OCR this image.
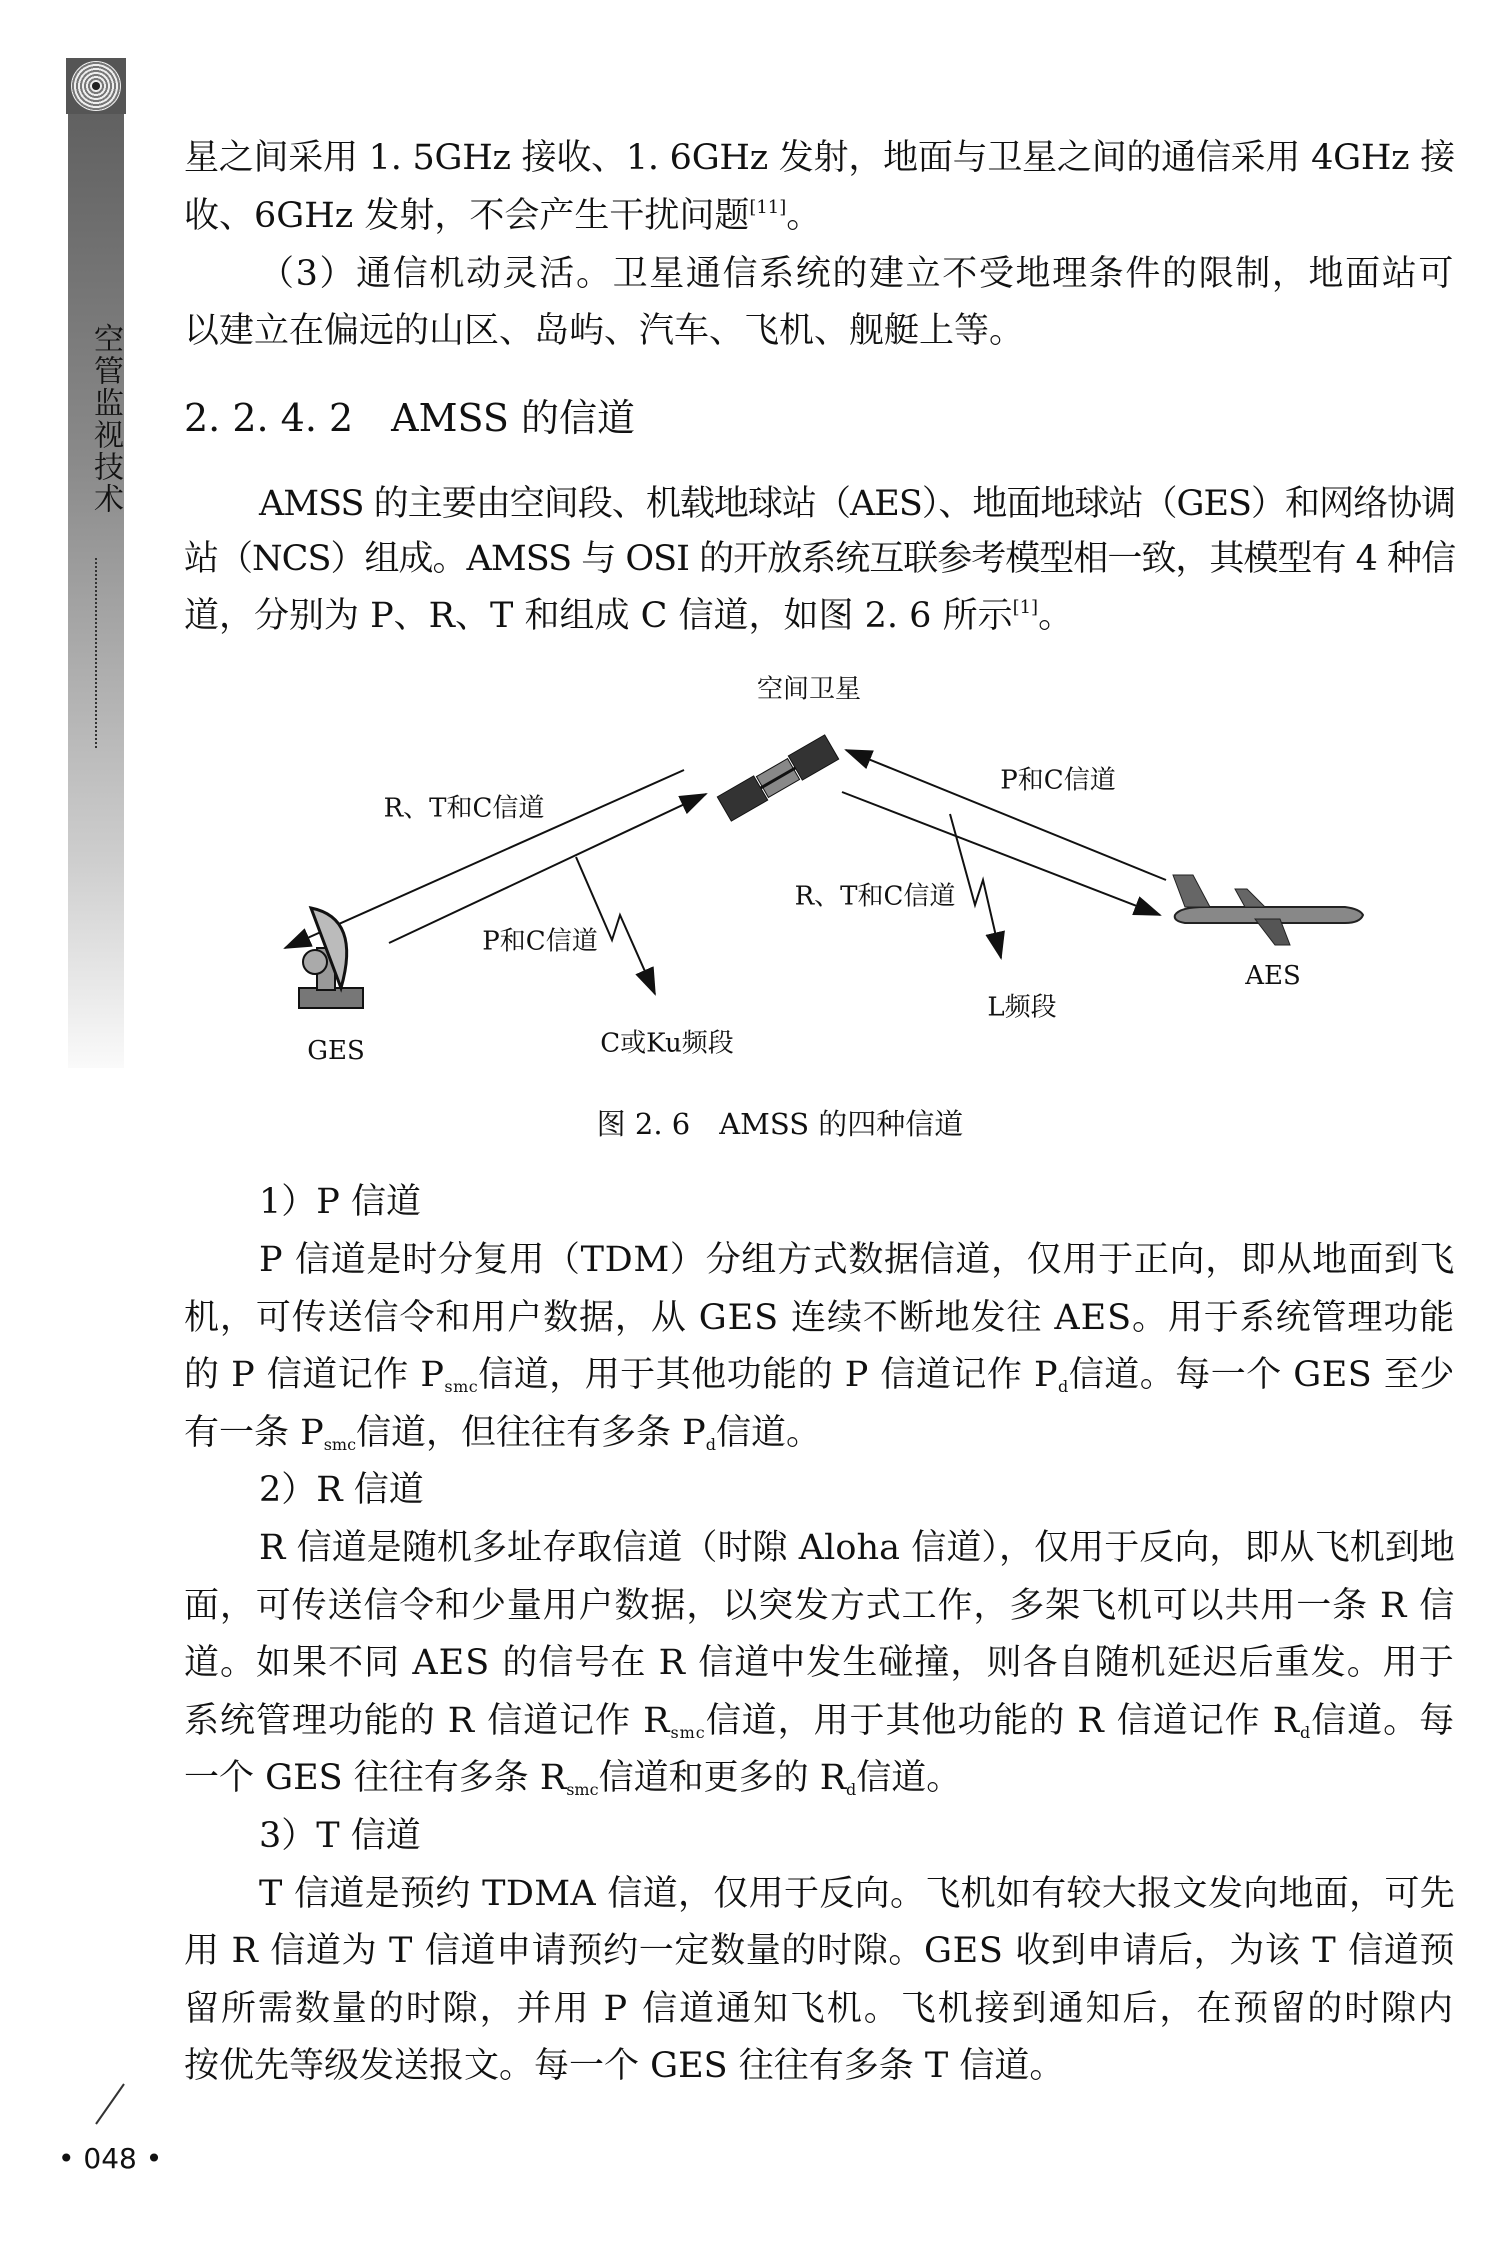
空管监视技术
星之间采用 1. 5GHz 接收、1. 6GHz 发射，地面与卫星之间的通信采用 4GHz 接
收、6GHz 发射，不会产生干扰问题[11]。
（3）通信机动灵活。卫星通信系统的建立不受地理条件的限制，地面站可
以建立在偏远的山区、岛屿、汽车、飞机、舰艇上等。
2. 2. 4. 2　AMSS 的信道
AMSS 的主要由空间段、机载地球站（AES）、地面地球站（GES）和网络协调
站（NCS）组成。AMSS 与 OSI 的开放系统互联参考模型相一致，其模型有 4 种信
道，分别为 P、R、T 和组成 C 信道，如图 2. 6 所示[1]。
空间卫星
R、T和C信道
P和C信道
R、T和C信道
P和C信道
C或Ku频段
L频段
GES
AES
图 2. 6　AMSS 的四种信道
1）P 信道
P 信道是时分复用（TDM）分组方式数据信道，仅用于正向，即从地面到飞
机，可传送信令和用户数据，从 GES 连续不断地发往 AES。用于系统管理功能
的 P 信道记作 $P_{smc}$信道，用于其他功能的 P 信道记作 $P_d$信道。每一个 GES 至少
有一条 $P_{smc}$信道，但往往有多条 $P_d$信道。
2）R 信道
R 信道是随机多址存取信道（时隙 Aloha 信道），仅用于反向，即从飞机到地
面，可传送信令和少量用户数据，以突发方式工作，多架飞机可以共用一条 R 信
道。如果不同 AES 的信号在 R 信道中发生碰撞，则各自随机延迟后重发。用于
系统管理功能的 R 信道记作 $R_{smc}$信道，用于其他功能的 R 信道记作 $R_d$信道。每
一个 GES 往往有多条 $R_{smc}$信道和更多的 $R_d$信道。
3）T 信道
T 信道是预约 TDMA 信道，仅用于反向。飞机如有较大报文发向地面，可先
用 R 信道为 T 信道申请预约一定数量的时隙。GES 收到申请后，为该 T 信道预
留所需数量的时隙，并用 P 信道通知飞机。飞机接到通知后，在预留的时隙内
按优先等级发送报文。每一个 GES 往往有多条 T 信道。
• 048 •
